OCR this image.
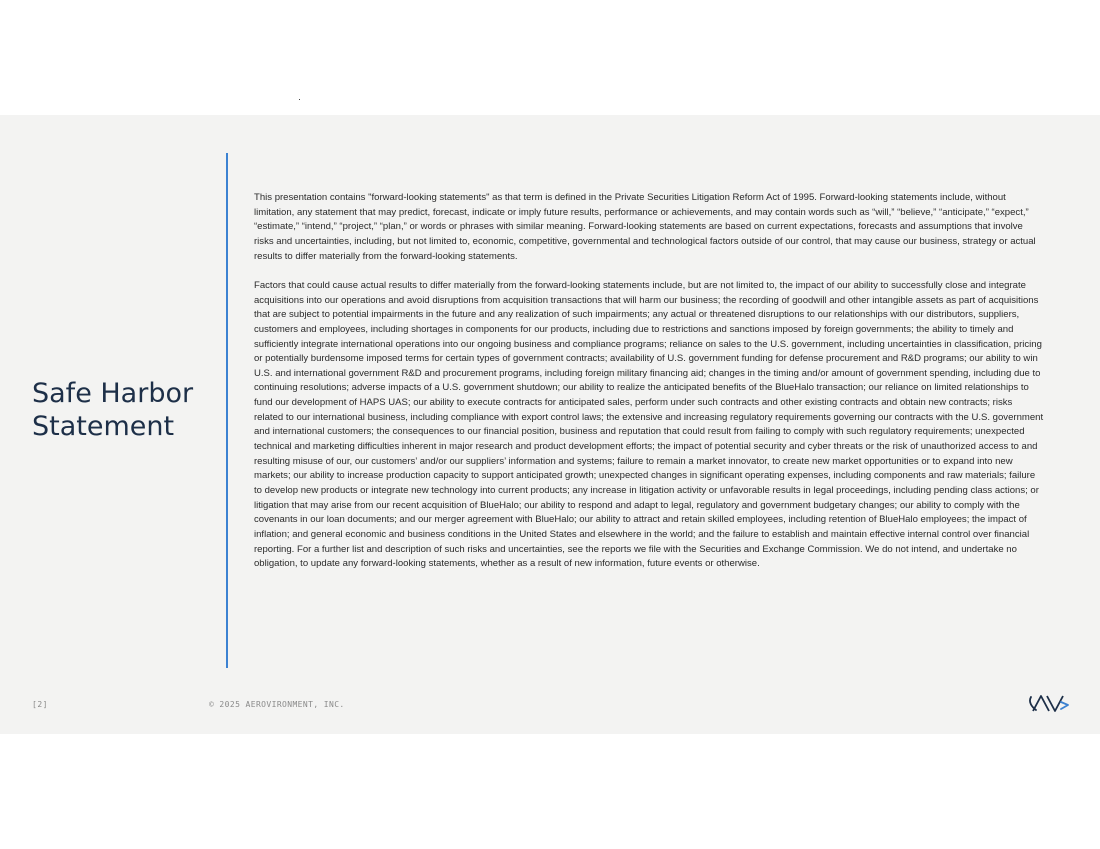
Safe Harbor Statement

This presentation contains "forward-looking statements" as that term is defined in the Private Securities Litigation Reform Act of 1995. Forward-looking statements include, without limitation, any statement that may predict, forecast, indicate or imply future results, performance or achievements, and may contain words such as “will,” “believe,” “anticipate,” “expect,” “estimate,” “intend,” “project,” “plan,” or words or phrases with similar meaning. Forward-looking statements are based on current expectations, forecasts and assumptions that involve risks and uncertainties, including, but not limited to, economic, competitive, governmental and technological factors outside of our control, that may cause our business, strategy or actual results to differ materially from the forward-looking statements.

Factors that could cause actual results to differ materially from the forward-looking statements include, but are not limited to, the impact of our ability to successfully close and integrate acquisitions into our operations and avoid disruptions from acquisition transactions that will harm our business; the recording of goodwill and other intangible assets as part of acquisitions that are subject to potential impairments in the future and any realization of such impairments; any actual or threatened disruptions to our relationships with our distributors, suppliers, customers and employees, including shortages in components for our products, including due to restrictions and sanctions imposed by foreign governments; the ability to timely and sufficiently integrate international operations into our ongoing business and compliance programs; reliance on sales to the U.S. government, including uncertainties in classification, pricing or potentially burdensome imposed terms for certain types of government contracts; availability of U.S. government funding for defense procurement and R&D programs; our ability to win U.S. and international government R&D and procurement programs, including foreign military financing aid; changes in the timing and/or amount of government spending, including due to continuing resolutions; adverse impacts of a U.S. government shutdown; our ability to realize the anticipated benefits of the BlueHalo transaction; our reliance on limited relationships to fund our development of HAPS UAS; our ability to execute contracts for anticipated sales, perform under such contracts and other existing contracts and obtain new contracts; risks related to our international business, including compliance with export control laws; the extensive and increasing regulatory requirements governing our contracts with the U.S. government and international customers; the consequences to our financial position, business and reputation that could result from failing to comply with such regulatory requirements; unexpected technical and marketing difficulties inherent in major research and product development efforts; the impact of potential security and cyber threats or the risk of unauthorized access to and resulting misuse of our, our customers’ and/or our suppliers’ information and systems; failure to remain a market innovator, to create new market opportunities or to expand into new markets; our ability to increase production capacity to support anticipated growth; unexpected changes in significant operating expenses, including components and raw materials; failure to develop new products or integrate new technology into current products; any increase in litigation activity or unfavorable results in legal proceedings, including pending class actions; or litigation that may arise from our recent acquisition of BlueHalo; our ability to respond and adapt to legal, regulatory and government budgetary changes; our ability to comply with the covenants in our loan documents; and our merger agreement with BlueHalo; our ability to attract and retain skilled employees, including retention of BlueHalo employees; the impact of inflation; and general economic and business conditions in the United States and elsewhere in the world; and the failure to establish and maintain effective internal control over financial reporting. For a further list and description of such risks and uncertainties, see the reports we file with the Securities and Exchange Commission. We do not intend, and undertake no obligation, to update any forward-looking statements, whether as a result of new information, future events or otherwise.

[2]	© 2025 AEROVIRONMENT, INC.
